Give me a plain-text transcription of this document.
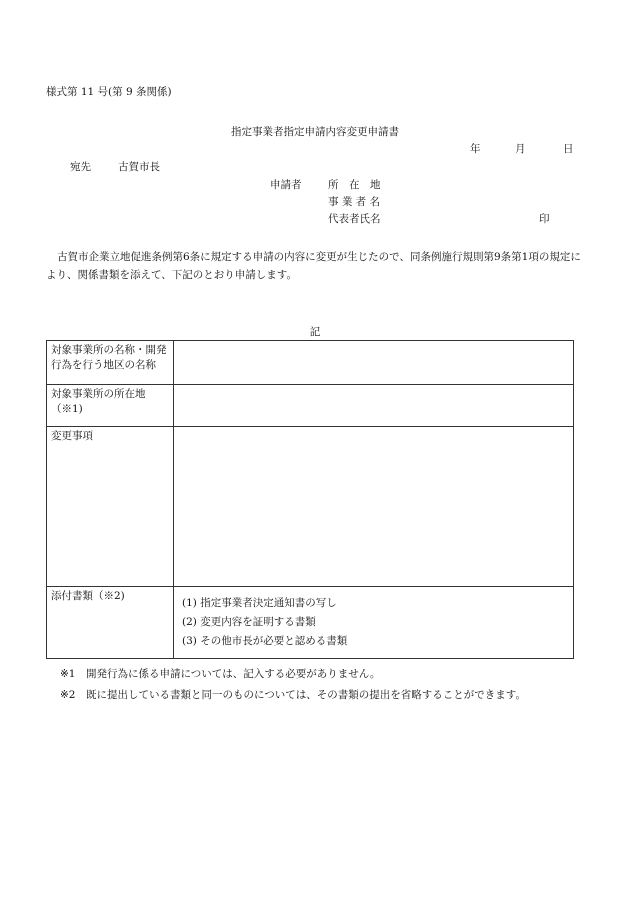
様式第 11 号(第 9 条関係)
指定事業者指定申請内容変更申請書
年	月	日
宛先	古賀市長
申請者	所　在　地
事 業 者 名
代表者氏名	印
古賀市企業立地促進条例第6条に規定する申請の内容に変更が生じたので、同条例施行規則第9条第1項の規定により、関係書類を添えて、下記のとおり申請します。
記
対象事業所の名称・開発行為を行う地区の名称	
対象事業所の所在地（※1)	
変更事項	
添付書類（※2)	(1) 指定事業者決定通知書の写し
(2) 変更内容を証明する書類
(3) その他市長が必要と認める書類
※1 開発行為に係る申請については、記入する必要がありません。
※2 既に提出している書類と同一のものについては、その書類の提出を省略することができます。
